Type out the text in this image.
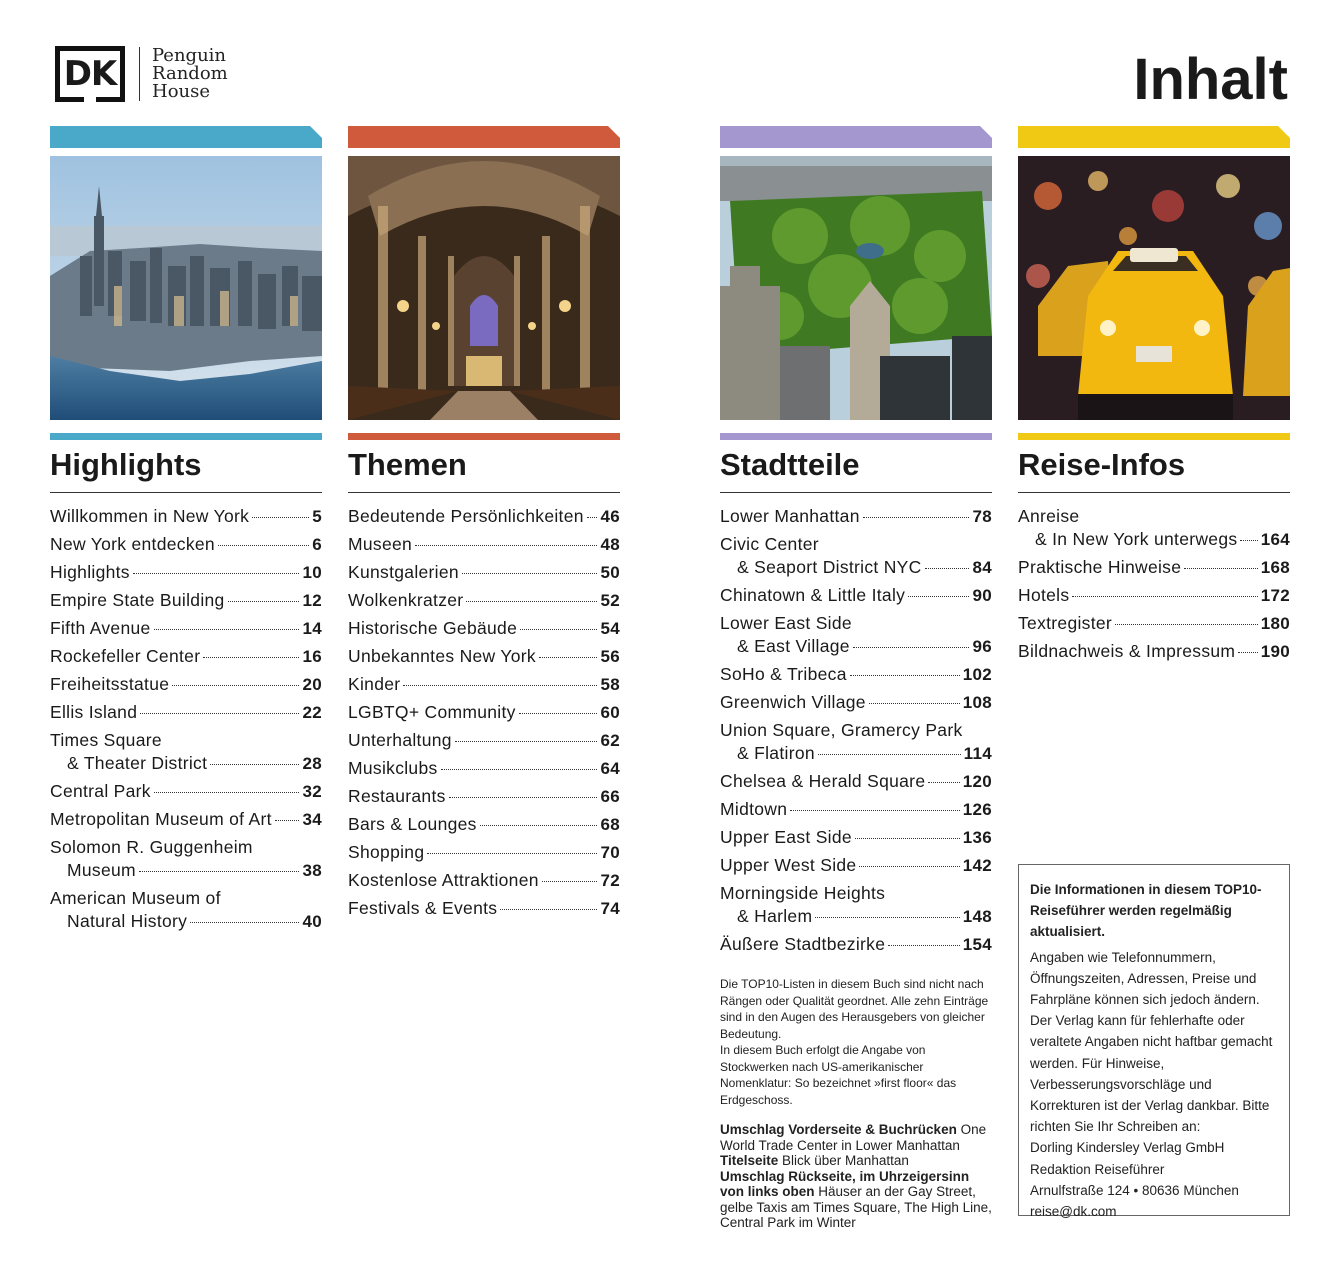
DK	Penguin
Random
House	Inhalt
Highlights
Willkommen in New York	5
New York entdecken	6
Highlights	10
Empire State Building	12
Fifth Avenue	14
Rockefeller Center	16
Freiheitsstatue	20
Ellis Island	22
Times Square
& Theater District	28
Central Park	32
Metropolitan Museum of Art 34
Solomon R. Guggenheim
Museum	38
American Museum of
Natural History	40
Themen
Bedeutende Persönlichkeiten 46
Museen	48
Kunstgalerien	50
Wolkenkratzer	52
Historische Gebäude	54
Unbekanntes New York	56
Kinder	58
LGBTQ+ Community	60
Unterhaltung	62
Musikclubs	64
Restaurants	66
Bars & Lounges	68
Shopping	70
Kostenlose Attraktionen	72
Festivals & Events	74
Stadtteile
Lower Manhattan	78
Civic Center
& Seaport District NYC	84
Chinatown & Little Italy	90
Lower East Side
& East Village	96
SoHo & Tribeca	102
Greenwich Village	108
Union Square, Gramercy Park
& Flatiron	114
Chelsea & Herald Square 120
Midtown	126
Upper East Side	136
Upper West Side	142
Morningside Heights
& Harlem	148
Äußere Stadtbezirke	154
Reise-Infos
Anreise
& In New York unterwegs 164
Praktische Hinweise	168
Hotels	172
Textregister	180
Bildnachweis & Impressum 190

Die TOP10-Listen in diesem Buch sind nicht nach Rängen oder Qualität geordnet. Alle zehn Einträge sind in den Augen des Herausgebers von gleicher Bedeutung.

In diesem Buch erfolgt die Angabe von Stockwerken nach US-amerikanischer Nomenklatur: So bezeichnet »first floor« das Erdgeschoss.

Umschlag Vorderseite & Buchrücken One World Trade Center in Lower Manhattan
Titelseite Blick über Manhattan
Umschlag Rückseite, im Uhrzeigersinn von links oben Häuser an der Gay Street, gelbe Taxis am Times Square, The High Line, Central Park im Winter

Die Informationen in diesem TOP10-Reiseführer werden regelmäßig aktualisiert.

Angaben wie Telefonnummern, Öffnungszeiten, Adressen, Preise und Fahrpläne können sich jedoch ändern. Der Verlag kann für fehlerhafte oder veraltete Angaben nicht haftbar gemacht werden. Für Hinweise, Verbesserungsvorschläge und Korrekturen ist der Verlag dankbar. Bitte richten Sie Ihr Schreiben an:

Dorling Kindersley Verlag GmbH

Redaktion Reiseführer

Arnulfstraße 124 • 80636 München

reise@dk.com
